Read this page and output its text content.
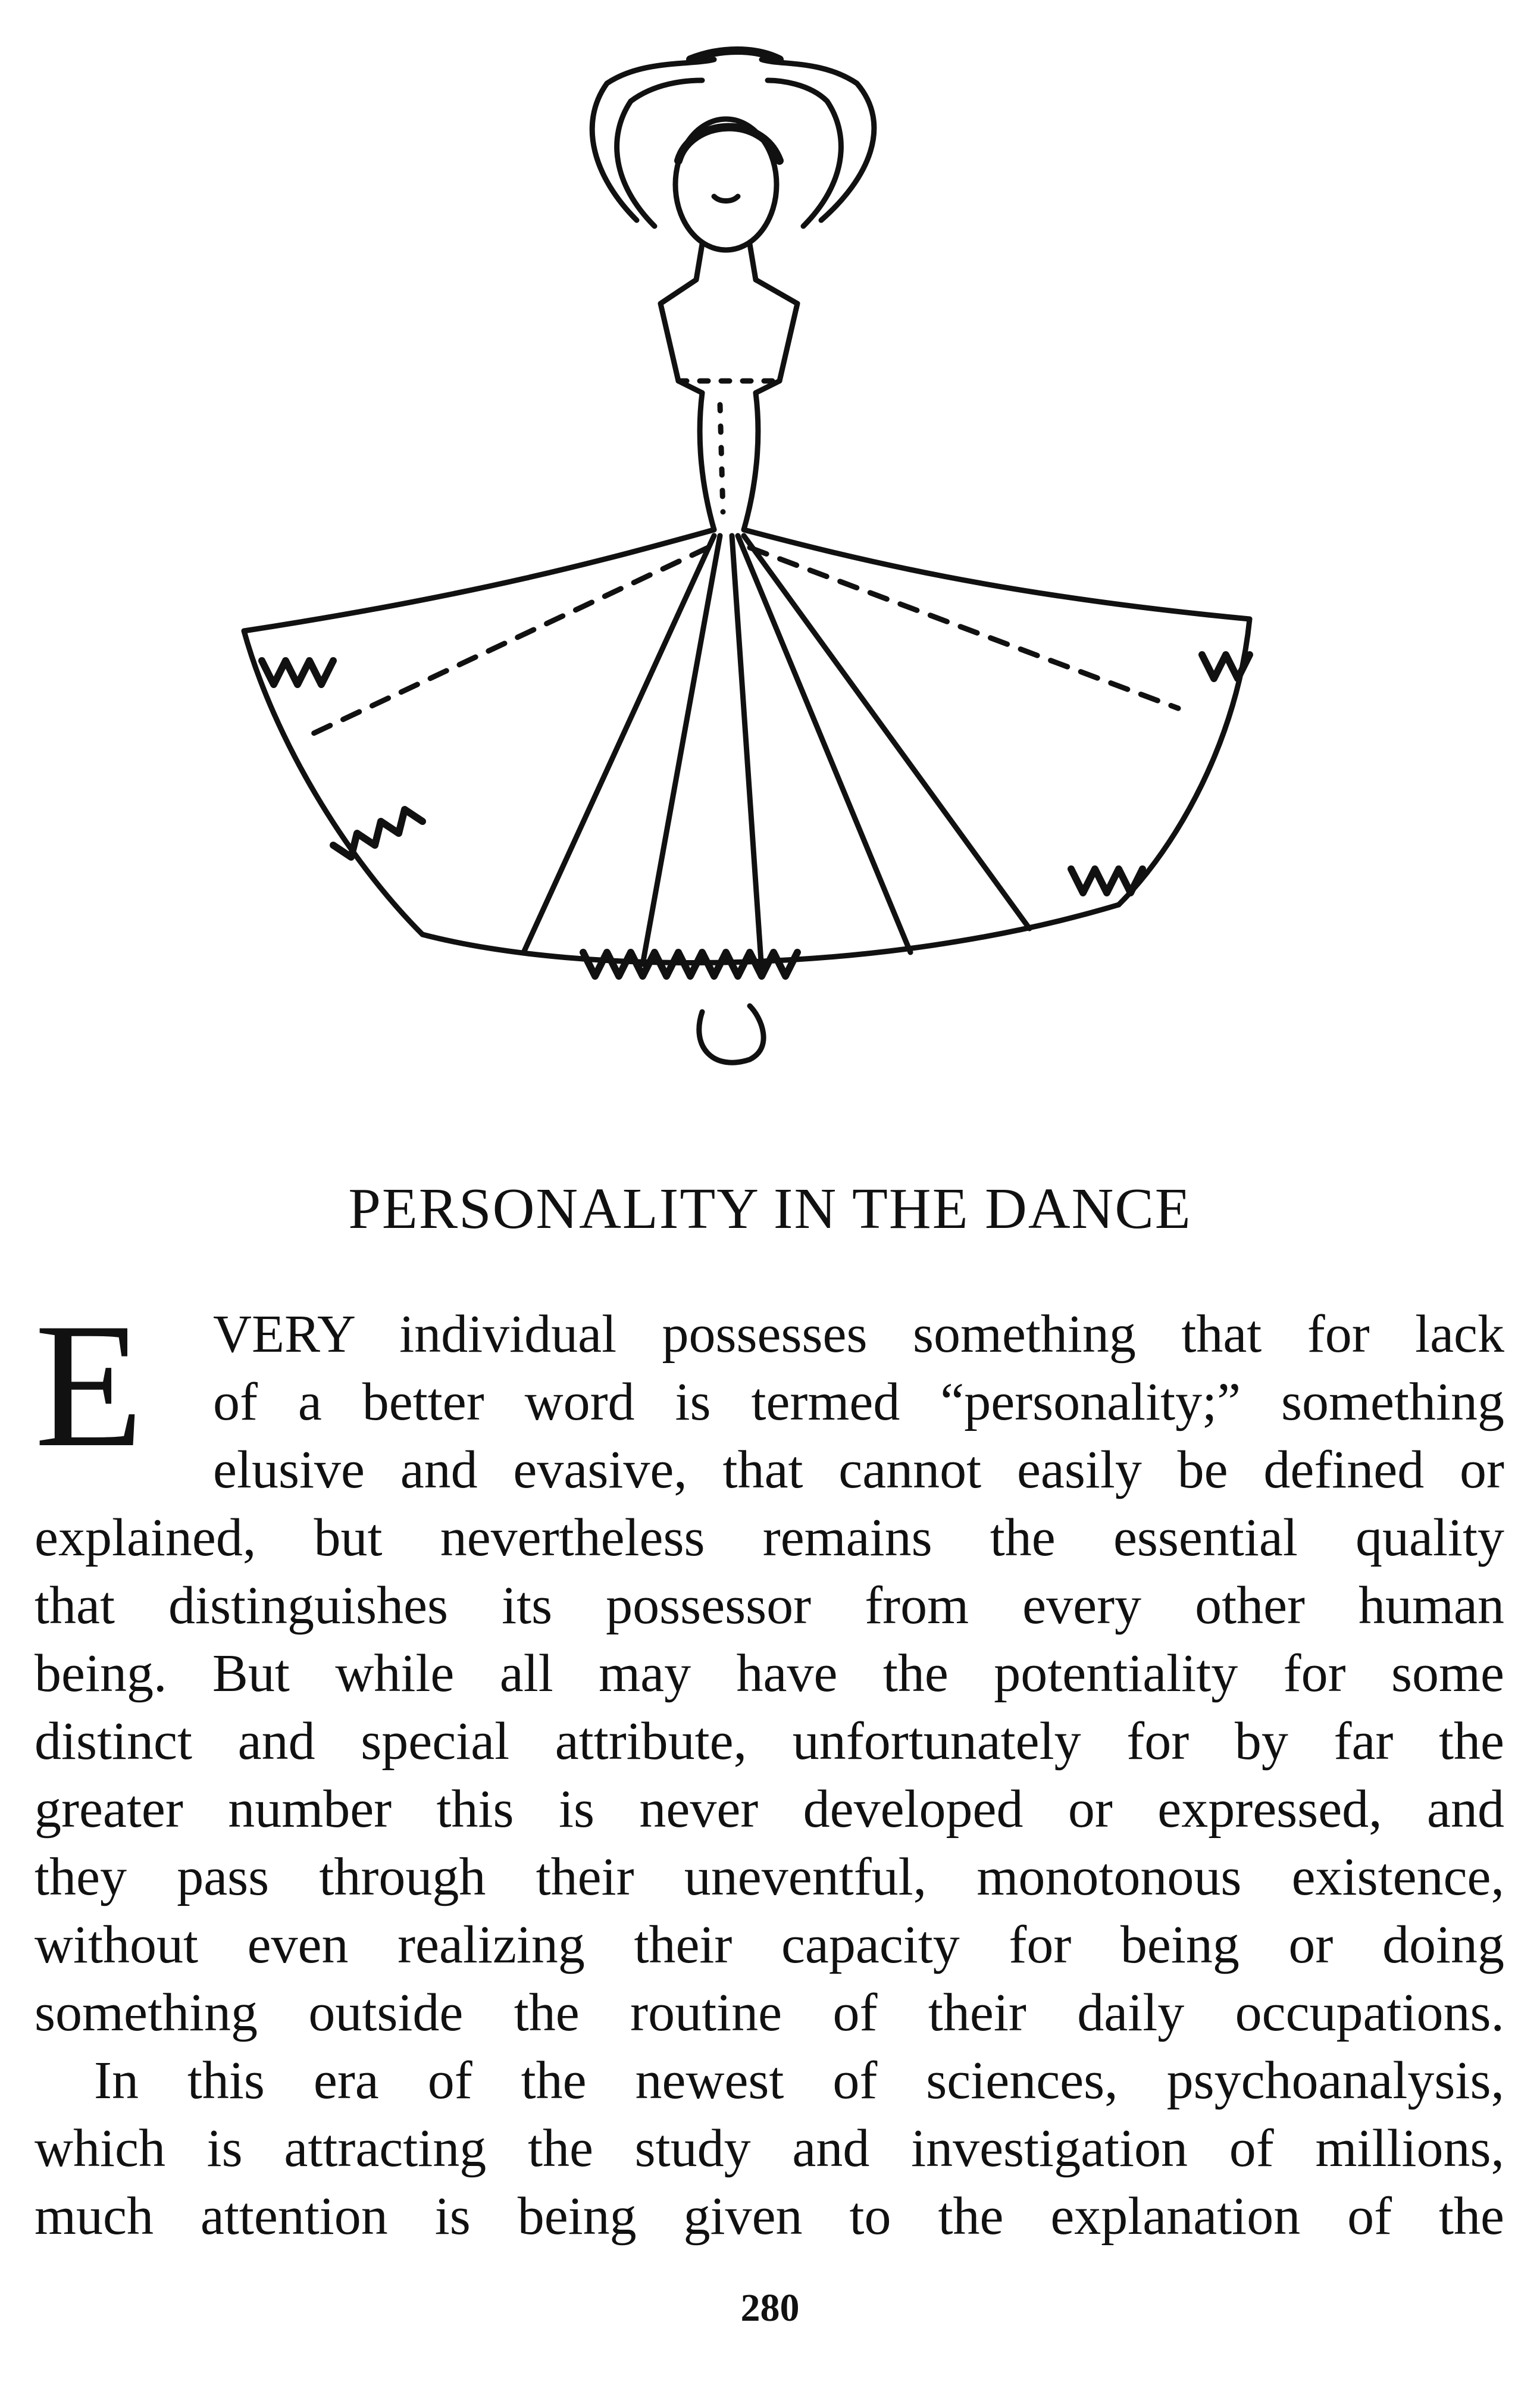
PERSONALITY IN THE DANCE
E	VERY individual possesses something that for lack
of a better word is termed “personality;” something
elusive and evasive, that cannot easily be defined or
explained, but nevertheless remains the essential quality
that distinguishes its possessor from every other human
being. But while all may have the potentiality for some
distinct and special attribute, unfortunately for by far the
greater number this is never developed or expressed, and
they pass through their uneventful, monotonous existence,
without even realizing their capacity for being or doing
something outside the routine of their daily occupations.
In this era of the newest of sciences, psychoanalysis,
which is attracting the study and investigation of millions,
much attention is being given to the explanation of the
280
